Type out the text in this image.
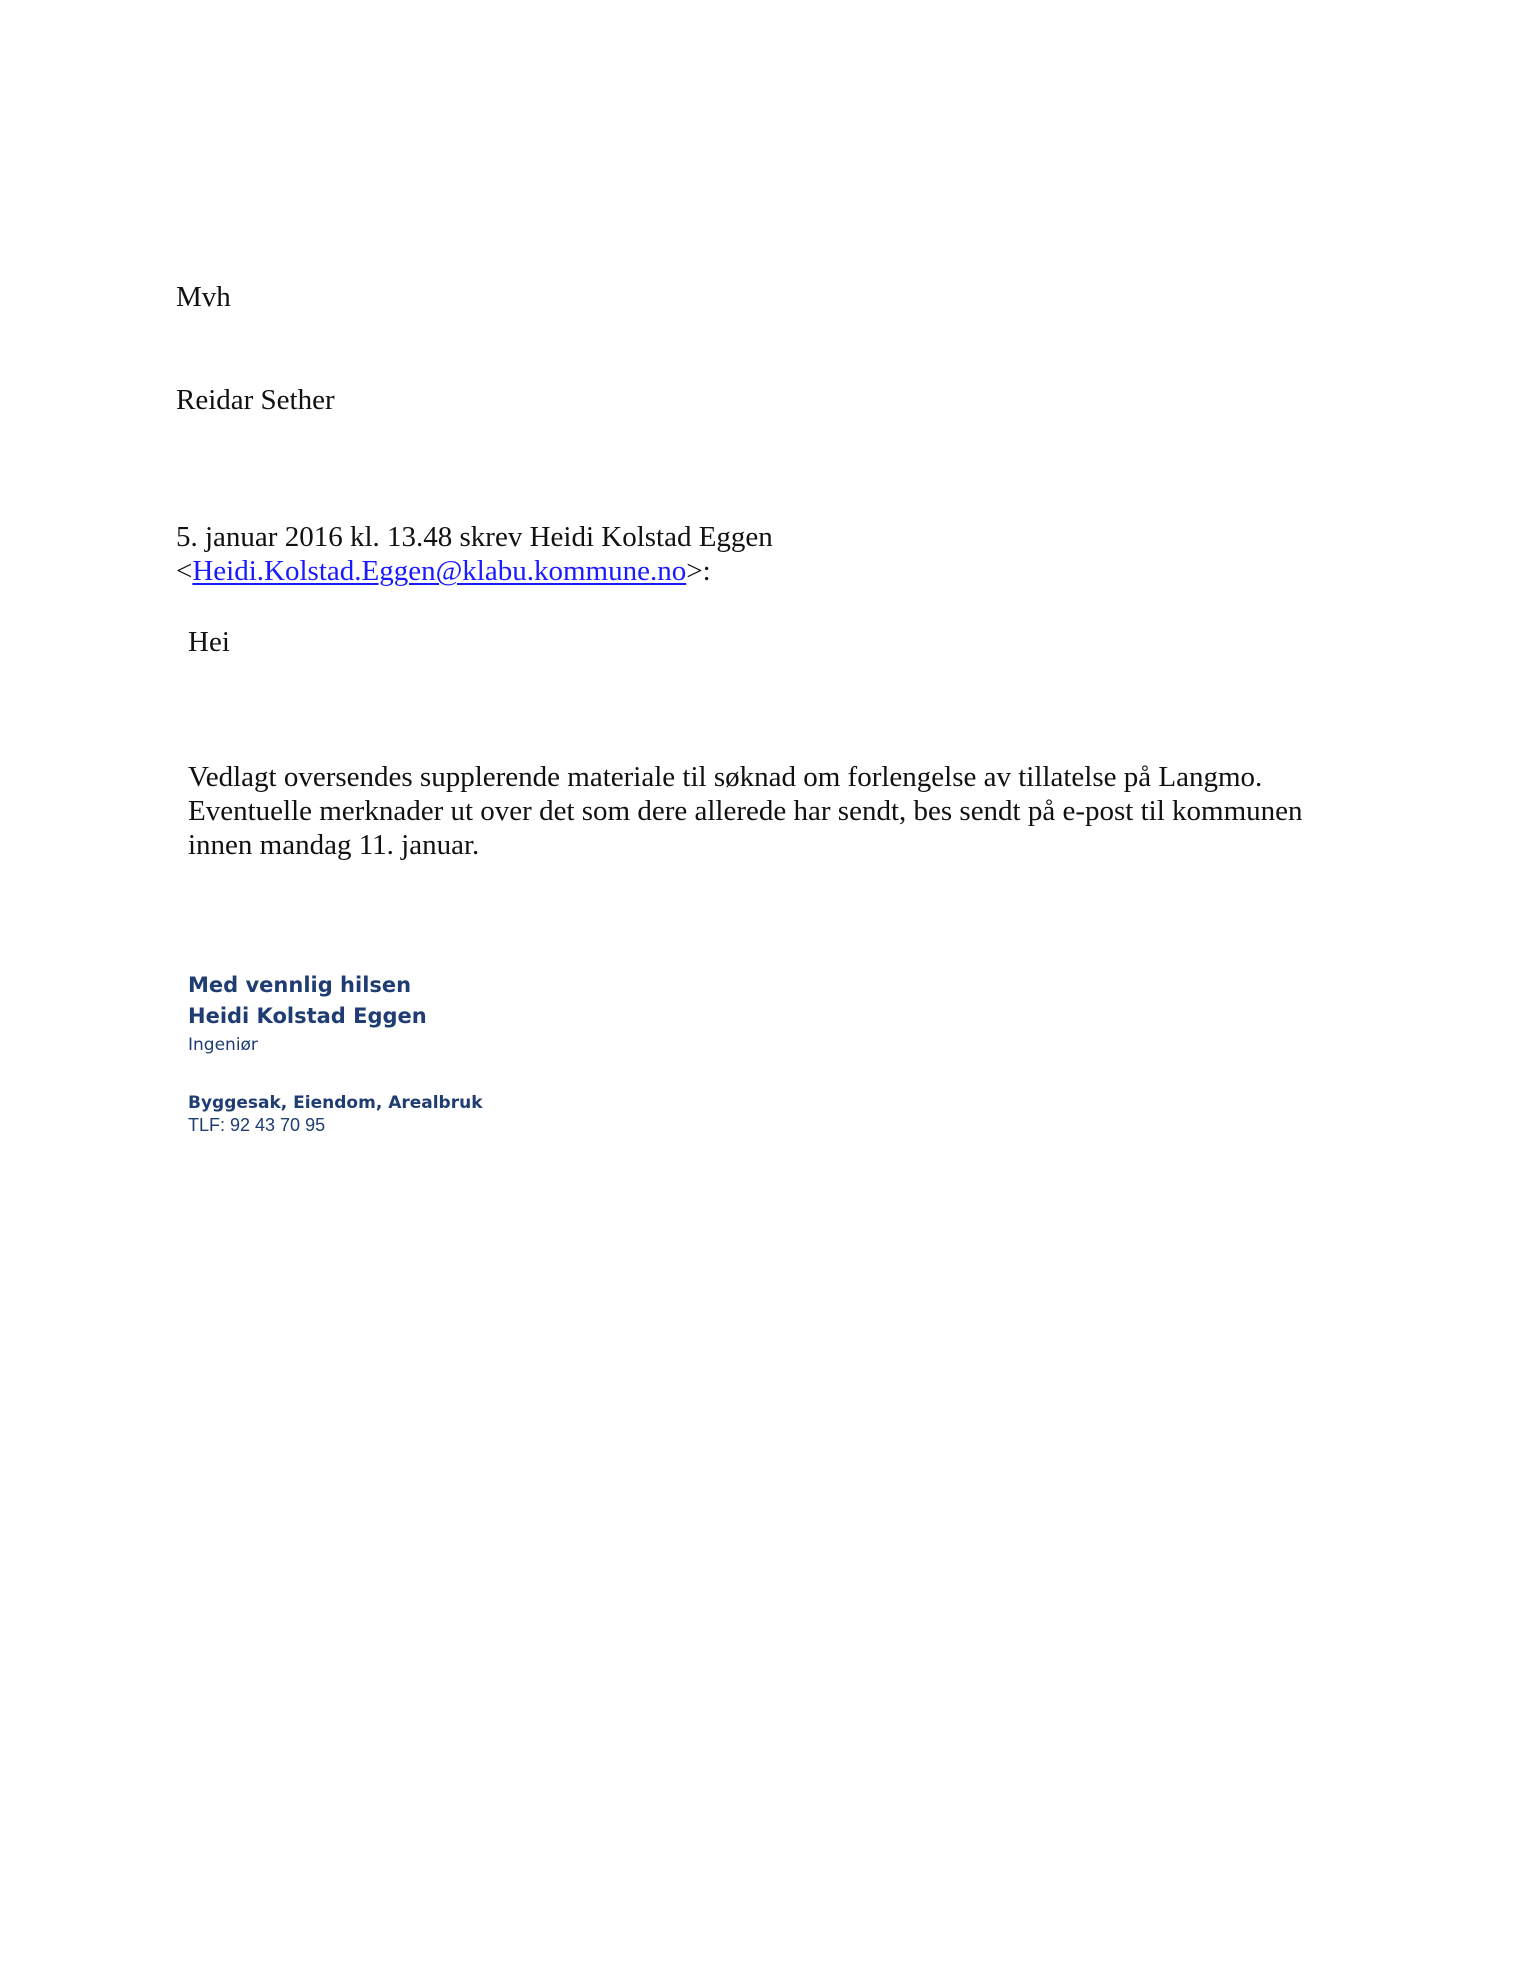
Mvh

Reidar Sether

5. januar 2016 kl. 13.48 skrev Heidi Kolstad Eggen
<Heidi.Kolstad.Eggen@klabu.kommune.no>:

Hei

Vedlagt oversendes supplerende materiale til søknad om forlengelse av tillatelse på Langmo.
Eventuelle merknader ut over det som dere allerede har sendt, bes sendt på e-post til kommunen
innen mandag 11. januar.

Med vennlig hilsen

Heidi Kolstad Eggen

Ingeniør

Byggesak, Eiendom, Arealbruk

TLF: 92 43 70 95
